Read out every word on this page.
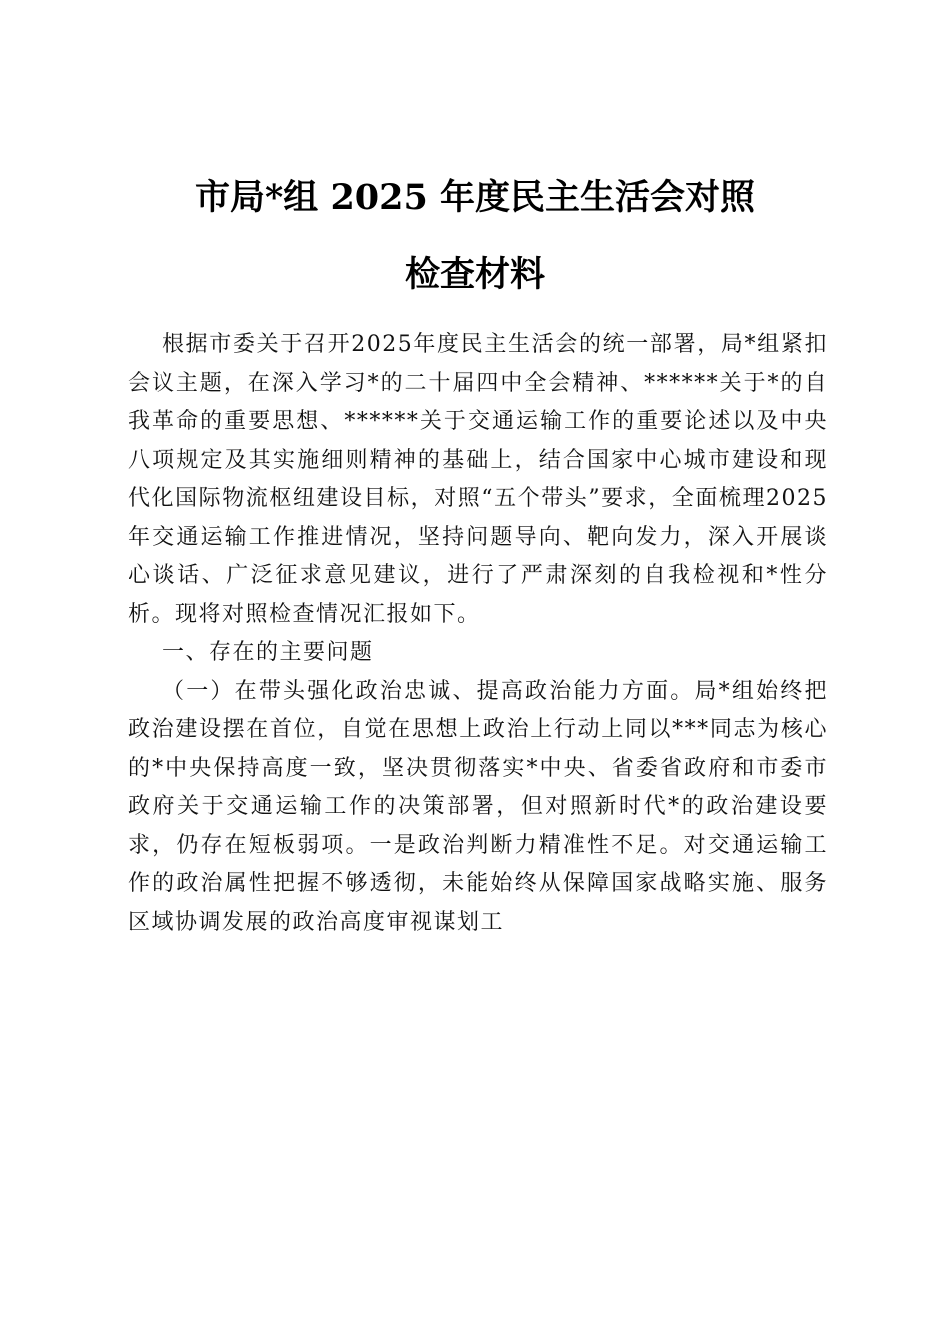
市局*组 2025 年度民主生活会对照
检查材料

根据市委关于召开2025年度民主生活会的统一部署，局*组紧扣会议主题，在深入学习*的二十届四中全会精神、******关于*的自我革命的重要思想、******关于交通运输工作的重要论述以及中央八项规定及其实施细则精神的基础上，结合国家中心城市建设和现代化国际物流枢纽建设目标，对照“五个带头”要求，全面梳理2025年交通运输工作推进情况，坚持问题导向、靶向发力，深入开展谈心谈话、广泛征求意见建议，进行了严肃深刻的自我检视和*性分析。现将对照检查情况汇报如下。

一、存在的主要问题

（一）在带头强化政治忠诚、提高政治能力方面。局*组始终把政治建设摆在首位，自觉在思想上政治上行动上同以***同志为核心的*中央保持高度一致，坚决贯彻落实*中央、省委省政府和市委市政府关于交通运输工作的决策部署，但对照新时代*的政治建设要求，仍存在短板弱项。一是政治判断力精准性不足。对交通运输工作的政治属性把握不够透彻，未能始终从保障国家战略实施、服务区域协调发展的政治高度审视谋划工
